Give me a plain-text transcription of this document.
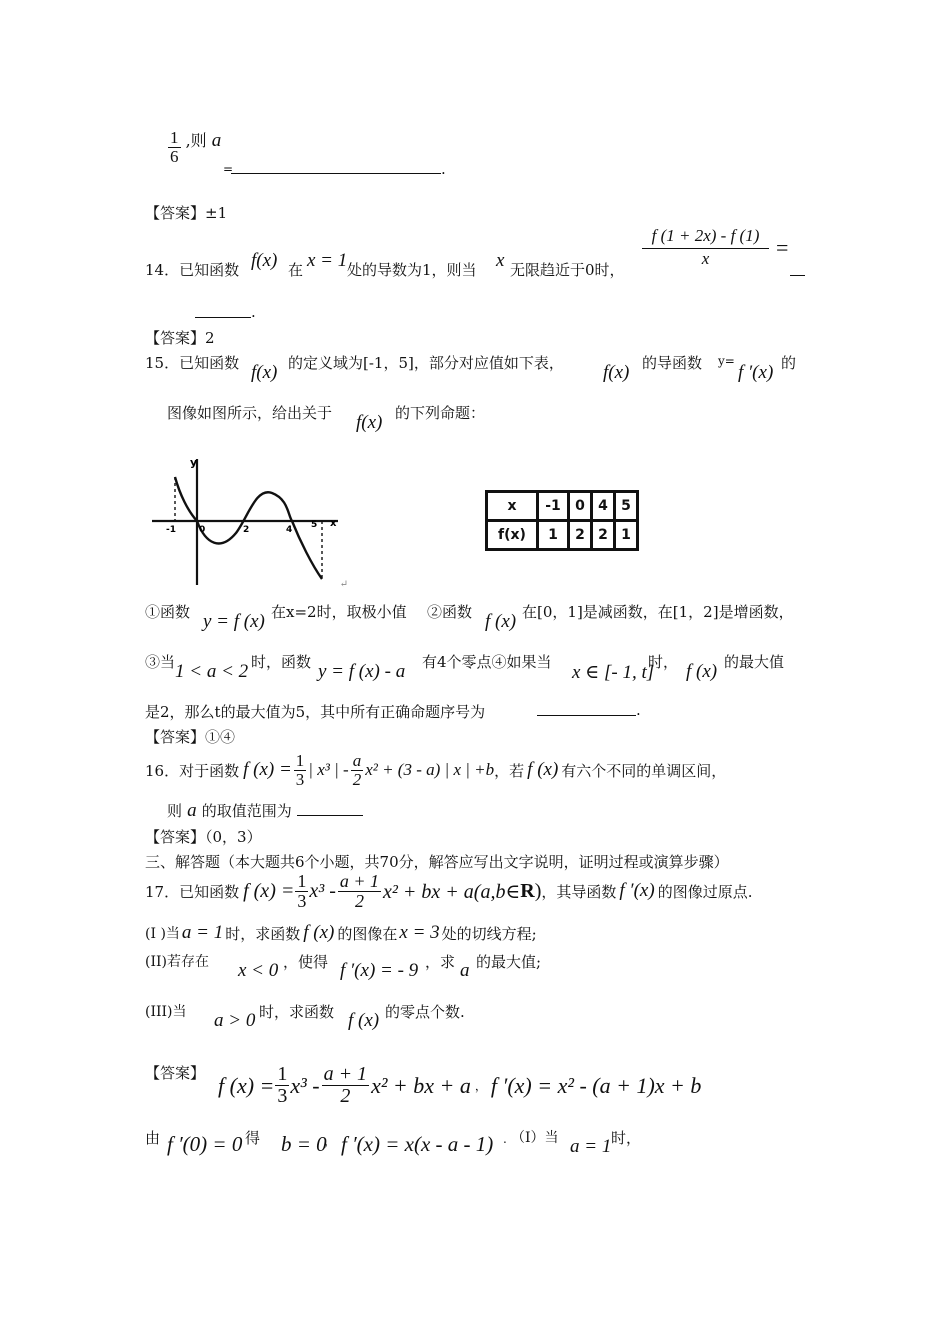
$\frac{1}{6}$ ,则 a
=	.
【答案】±1
14．已知函数 f(x) 在 x = 1 处的导数为1，则当 x 无限趋近于0时，
f (1 + 2x) - f (1)
x	=
.
【答案】2
15．已知函数 f(x) 的定义域为[-1，5]，部分对应值如下表， f(x) 的导函数 y=
f ′(x) 的
图像如图所示，给出关于 f(x) 的下列命题：
y
x
-1	0	2	4 5
↵
x	-1	0	4	5
f(x)	1	2	2	1
①函数 y = f (x) 在x=2时，取极小值 ②函数 f (x) 在[0，1]是减函数，在[1，2]是增函数，
③当 1 < a < 2 时，函数 y = f (x) - a 有4个零点④如果当 x ∈ [- 1, t]
时， f (x) 的最大值
是2，那么t的最大值为5，其中所有正确命题序号为	.
【答案】①④
16．对于函数 f $(x) = \frac{1}{3}$ | x³ | - $\frac{a}{2} x^2 + (3 - a)$ | x | +b ，若 f (x) 有六个不同的单调区间，
则 a 的取值范围为
【答案】（0，3）
三、解答题（本大题共6个小题，共70分，解答应写出文字说明，证明过程或演算步骤）
17．已知函数 f $(x) = \frac{1}{3} x^3 - \frac{a + 1}{2} x^2$ + bx + a(a,b∈ R ) ，其导函数 f ′(x) 的图像过原点.
(Ⅰ )当 a = 1 时，求函数 f (x) 的图像在 x = 3 处的切线方程;
(II)若存在 x < 0 ，使得 f ′(x) = - 9 ，求 a 的最大值;
(III)当 a > 0 时，求函数 f (x) 的零点个数.
【答案】 f $(x) = \frac{1}{3} x^3 - \frac{a + 1}{2} x^2$ + bx + a ， f ′(x) = x² - (a + 1)x + b
由 f ′(0) = 0 得 b = 0
， f ′(x) = x(x - a - 1) . （I）当 a = 1 时，
